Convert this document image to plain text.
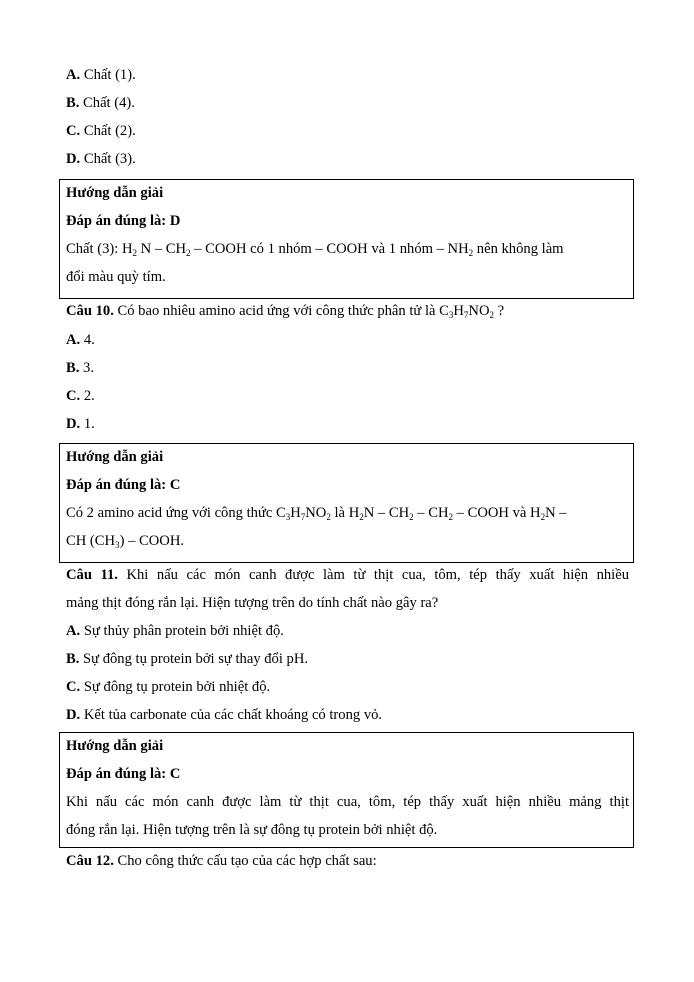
A. Chất (1).
B. Chất (4).
C. Chất (2).
D. Chất (3).
Hướng dẫn giải
Đáp án đúng là: D
Chất (3): $H_2$ N – $CH_2$ – COOH có 1 nhóm – COOH và 1 nhóm – $NH_2$ nên không làm
đổi màu quỳ tím.
Câu 10. Có bao nhiêu amino acid ứng với công thức phân tử là $C_3H_7NO_2$ ?
A. 4.
B. 3.
C. 2.
D. 1.
Hướng dẫn giải
Đáp án đúng là: C
Có 2 amino acid ứng với công thức $C_3H_7NO_2$ là $H_2N - CH_2 - CH_2$ – COOH và $H_2N$ –
CH $(CH_3)$ – COOH.
Câu 11. Khi nấu các món canh được làm từ thịt cua, tôm, tép thấy xuất hiện nhiều
mảng thịt đóng rắn lại. Hiện tượng trên do tính chất nào gây ra?
A. Sự thủy phân protein bởi nhiệt độ.
B. Sự đông tụ protein bởi sự thay đổi pH.
C. Sự đông tụ protein bởi nhiệt độ.
D. Kết tủa carbonate của các chất khoáng có trong vỏ.
Hướng dẫn giải
Đáp án đúng là: C
Khi nấu các món canh được làm từ thịt cua, tôm, tép thấy xuất hiện nhiều mảng thịt
đóng rắn lại. Hiện tượng trên là sự đông tụ protein bởi nhiệt độ.
Câu 12. Cho công thức cấu tạo của các hợp chất sau:
